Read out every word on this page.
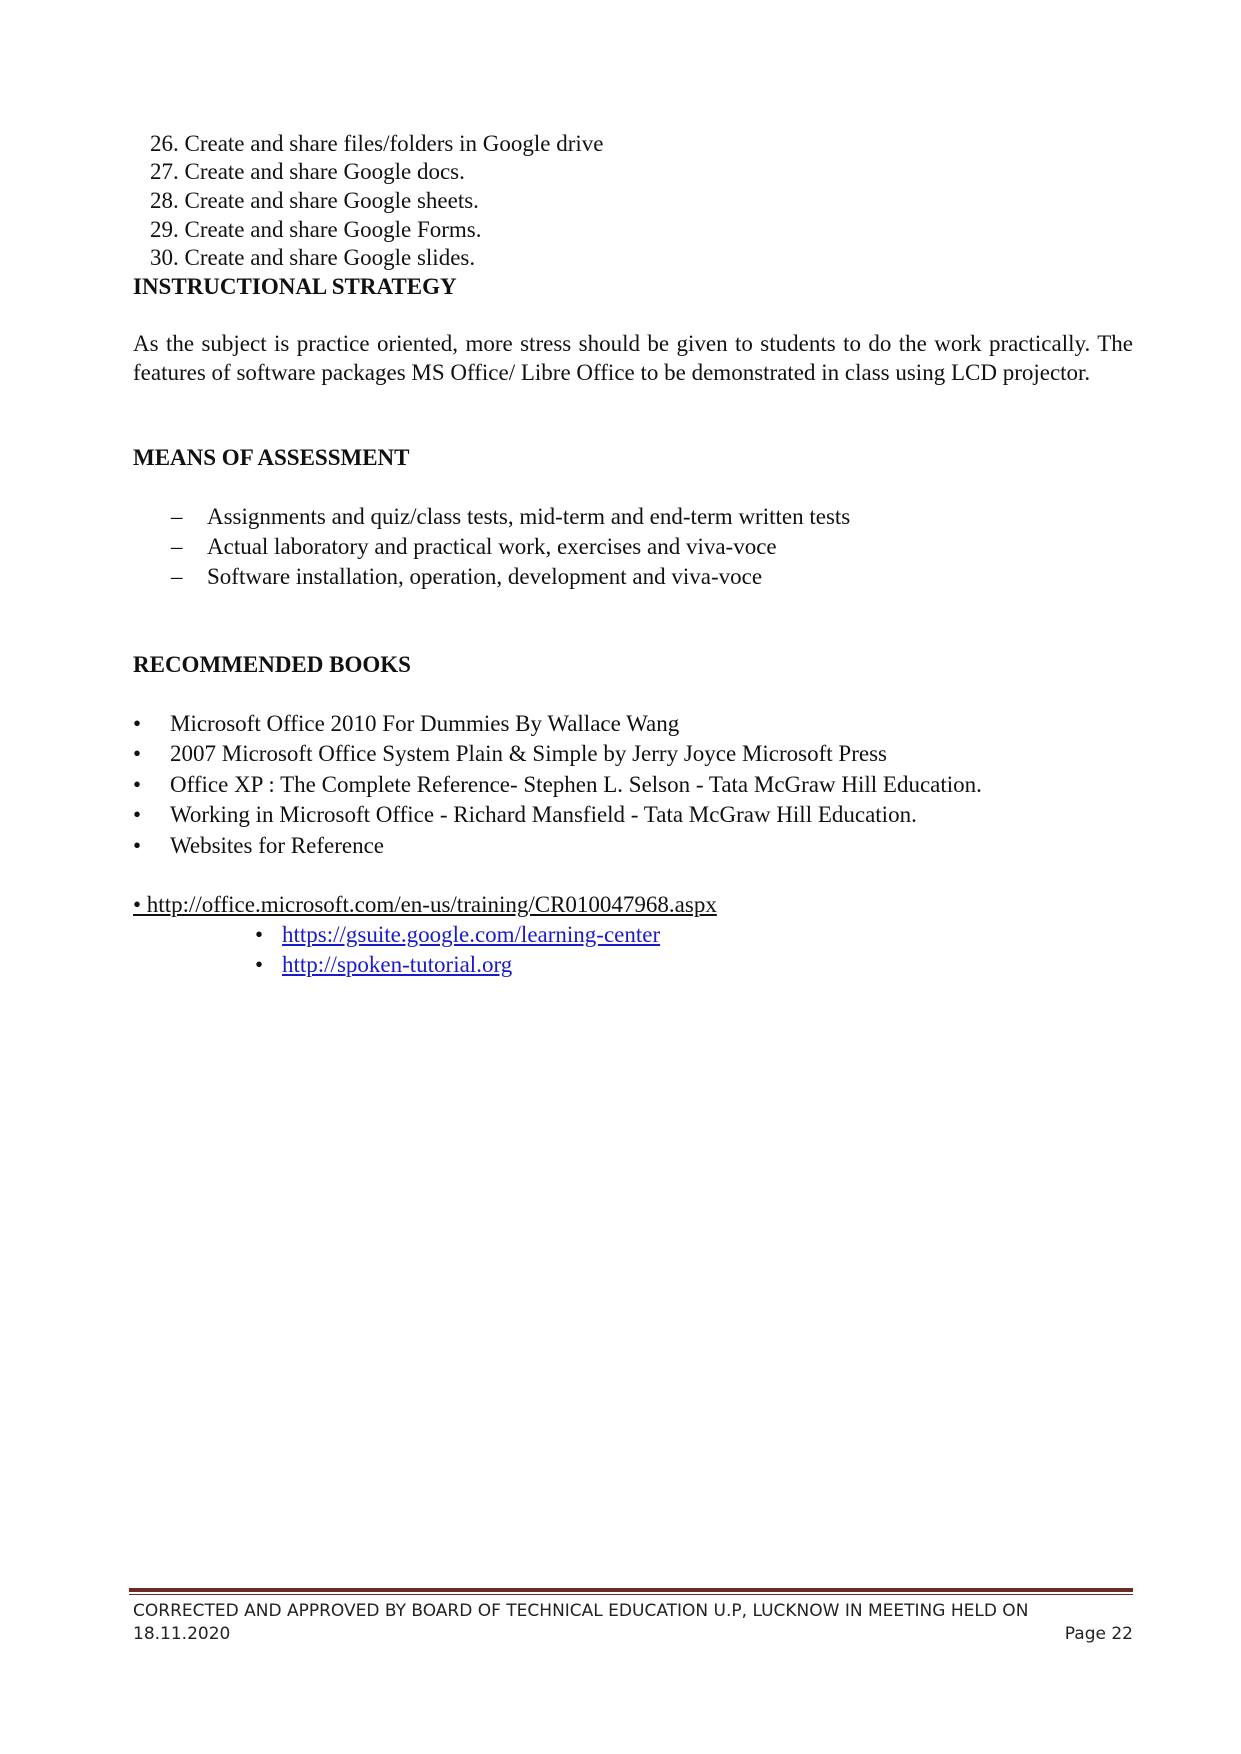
26. Create and share files/folders in Google drive
27. Create and share Google docs.
28. Create and share Google sheets.
29. Create and share Google Forms.
30. Create and share Google slides.
INSTRUCTIONAL STRATEGY
As the subject is practice oriented, more stress should be given to students to do the work practically. The features of software packages MS Office/ Libre Office to be demonstrated in class using LCD projector.
MEANS OF ASSESSMENT
– Assignments and quiz/class tests, mid-term and end-term written tests
– Actual laboratory and practical work, exercises and viva-voce
– Software installation, operation, development and viva-voce
RECOMMENDED BOOKS
• Microsoft Office 2010 For Dummies By Wallace Wang
• 2007 Microsoft Office System Plain & Simple by Jerry Joyce Microsoft Press
• Office XP : The Complete Reference- Stephen L. Selson - Tata McGraw Hill Education.
• Working in Microsoft Office - Richard Mansfield - Tata McGraw Hill Education.
• Websites for Reference
• http://office.microsoft.com/en-us/training/CR010047968.aspx
• https://gsuite.google.com/learning-center
• http://spoken-tutorial.org
CORRECTED AND APPROVED BY BOARD OF TECHNICAL EDUCATION U.P, LUCKNOW IN MEETING HELD ON
18.11.2020	Page 22
